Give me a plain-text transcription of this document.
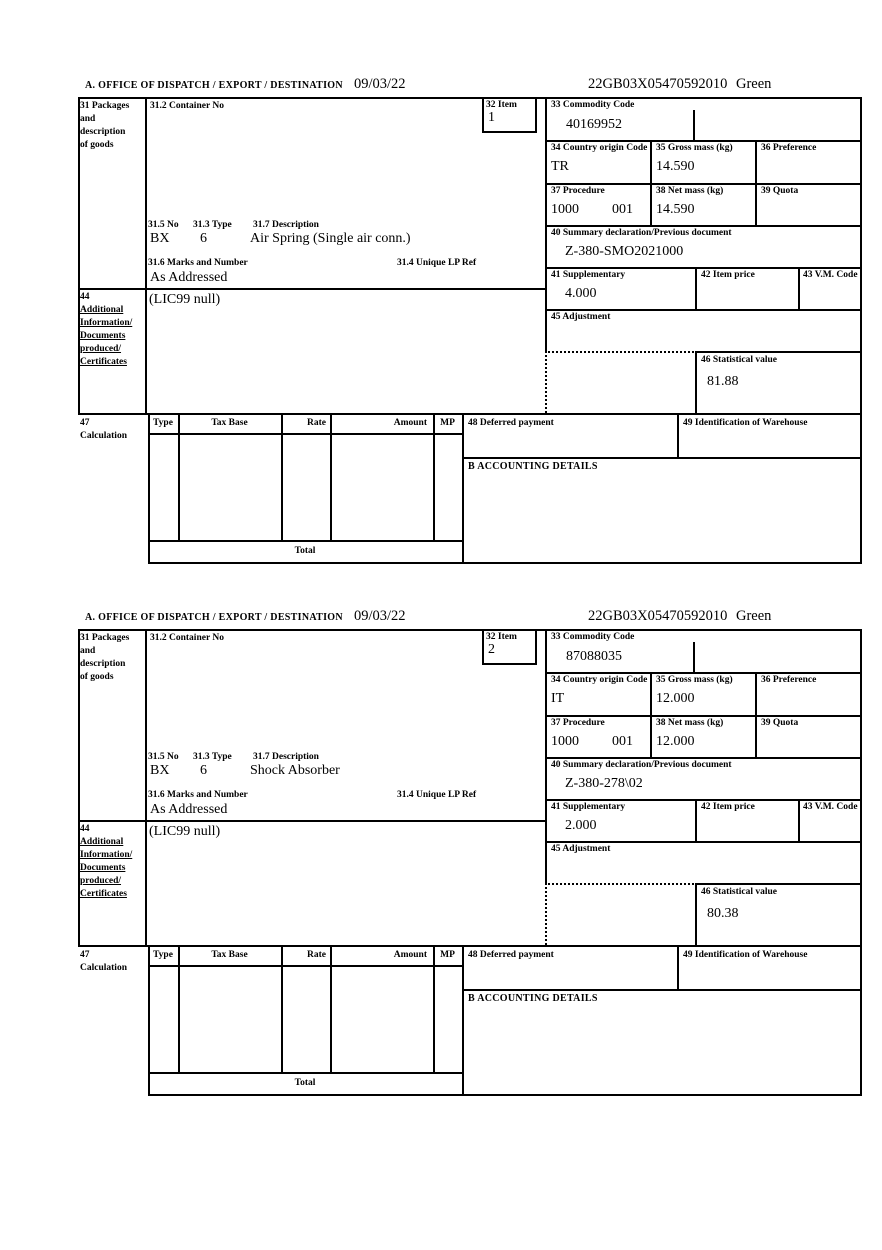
A. OFFICE OF DISPATCH / EXPORT / DESTINATION 09/03/22	22GB03X05470592010 Green
31 Packages
and
description
of goods
31.2 Container No	32 Item
1
33 Commodity Code
40169952
34 Country origin Code
TR
35 Gross mass (kg)
14.590
36 Preference
37 Procedure
1000 001
38 Net mass (kg)
14.590
39 Quota
31.5 No 31.3 Type 31.7 Description
BX 6	Air Spring (Single air conn.)
31.6 Marks and Number	31.4 Unique LP Ref
As Addressed
40 Summary declaration/Previous document
Z-380-SMO2021000
41 Supplementary
4.000
42 Item price	43 V.M. Code
45 Adjustment
46 Statistical value
81.88
44
Additional
Information/
Documents
produced/
Certificates
(LIC99 null)
47
Calculation
Type	Tax Base	Rate	Amount	MP
Total
48 Deferred payment	49 Identification of Warehouse
B ACCOUNTING DETAILS
A. OFFICE OF DISPATCH / EXPORT / DESTINATION 09/03/22	22GB03X05470592010 Green
31 Packages
and
description
of goods
31.2 Container No	32 Item
2
33 Commodity Code
87088035
34 Country origin Code
IT
35 Gross mass (kg)
12.000
36 Preference
37 Procedure
1000 001
38 Net mass (kg)
12.000
39 Quota
31.5 No 31.3 Type 31.7 Description
BX 6	Shock Absorber
31.6 Marks and Number	31.4 Unique LP Ref
As Addressed
40 Summary declaration/Previous document
Z-380-278\02
41 Supplementary
2.000
42 Item price	43 V.M. Code
45 Adjustment
46 Statistical value
80.38
44
Additional
Information/
Documents
produced/
Certificates
(LIC99 null)
47
Calculation
Type	Tax Base	Rate	Amount	MP
Total
48 Deferred payment	49 Identification of Warehouse
B ACCOUNTING DETAILS
